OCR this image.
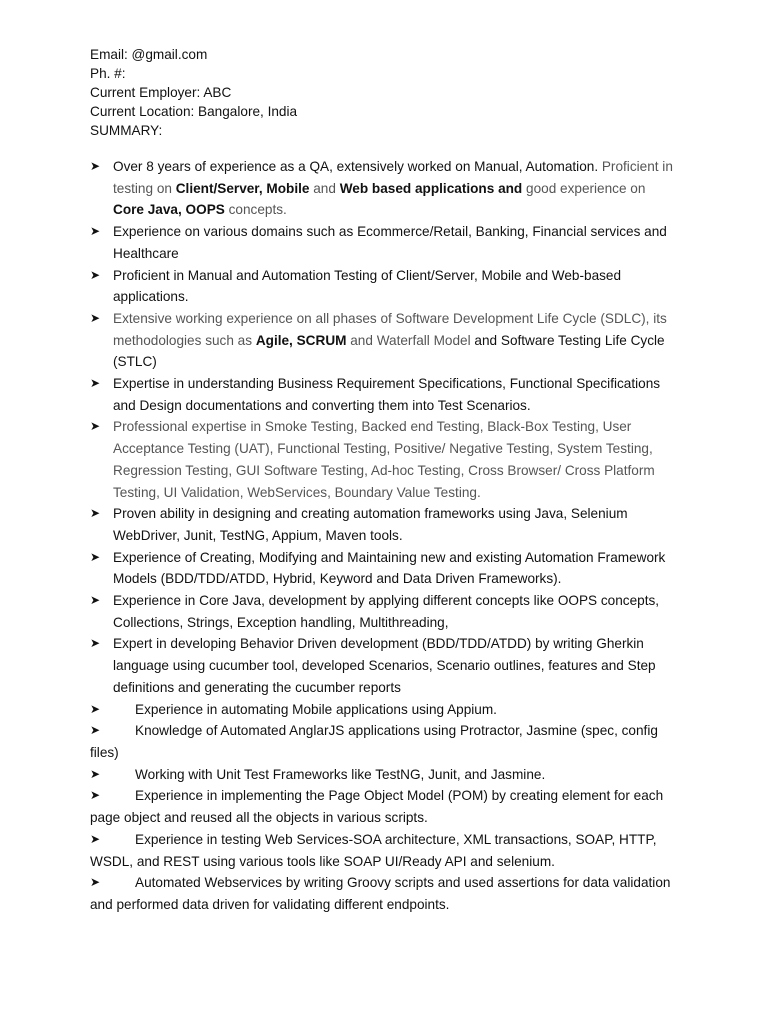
Email: @gmail.com
Ph. #:
Current Employer: ABC
Current Location: Bangalore, India
SUMMARY:
➤ Over 8 years of experience as a QA, extensively worked on Manual, Automation. Proficient in testing on Client/Server, Mobile and Web based applications and good experience on Core Java, OOPS concepts.
➤ Experience on various domains such as Ecommerce/Retail, Banking, Financial services and Healthcare
➤ Proficient in Manual and Automation Testing of Client/Server, Mobile and Web-based applications.
➤ Extensive working experience on all phases of Software Development Life Cycle (SDLC), its methodologies such as Agile, SCRUM and Waterfall Model and Software Testing Life Cycle (STLC)
➤ Expertise in understanding Business Requirement Specifications, Functional Specifications and Design documentations and converting them into Test Scenarios.
➤ Professional expertise in Smoke Testing, Backed end Testing, Black-Box Testing, User Acceptance Testing (UAT), Functional Testing, Positive/ Negative Testing, System Testing, Regression Testing, GUI Software Testing, Ad-hoc Testing, Cross Browser/ Cross Platform Testing, UI Validation, WebServices, Boundary Value Testing.
➤ Proven ability in designing and creating automation frameworks using Java, Selenium WebDriver, Junit, TestNG, Appium, Maven tools.
➤ Experience of Creating, Modifying and Maintaining new and existing Automation Framework Models (BDD/TDD/ATDD, Hybrid, Keyword and Data Driven Frameworks).
➤ Experience in Core Java, development by applying different concepts like OOPS concepts, Collections, Strings, Exception handling, Multithreading,
➤ Expert in developing Behavior Driven development (BDD/TDD/ATDD) by writing Gherkin language using cucumber tool, developed Scenarios, Scenario outlines, features and Step definitions and generating the cucumber reports
➤	Experience in automating Mobile applications using Appium.
➤	Knowledge of Automated AnglarJS applications using Protractor, Jasmine (spec, config files)
➤	Working with Unit Test Frameworks like TestNG, Junit, and Jasmine.
➤	Experience in implementing the Page Object Model (POM) by creating element for each page object and reused all the objects in various scripts.
➤	Experience in testing Web Services-SOA architecture, XML transactions, SOAP, HTTP, WSDL, and REST using various tools like SOAP UI/Ready API and selenium.
➤	Automated Webservices by writing Groovy scripts and used assertions for data validation and performed data driven for validating different endpoints.
